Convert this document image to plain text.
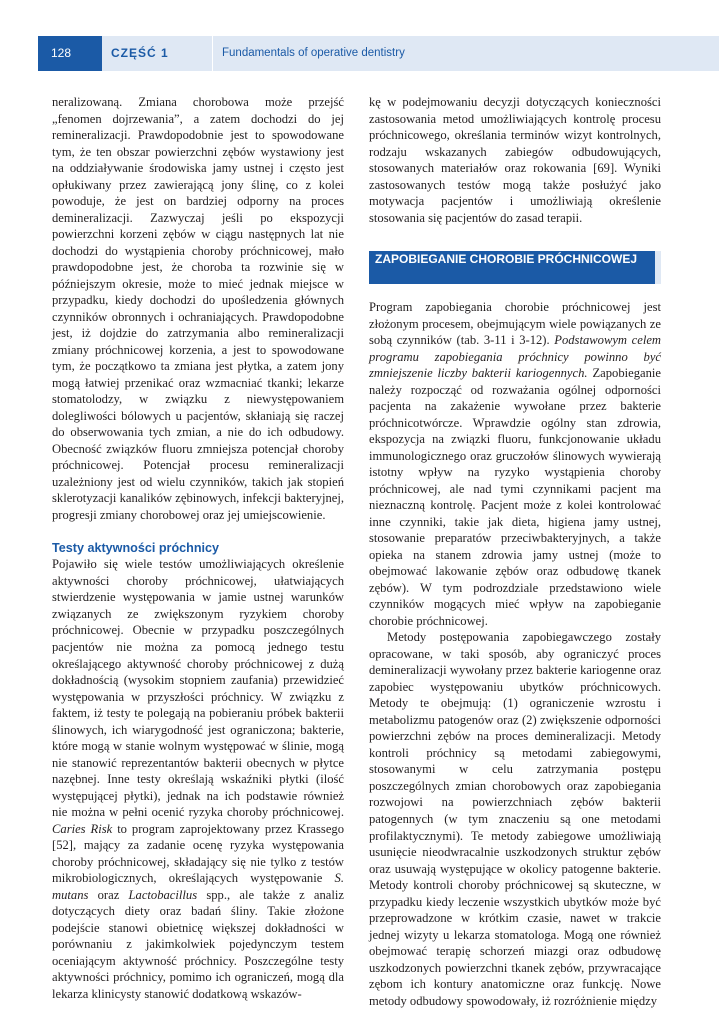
128	CZĘŚĆ 1	Fundamentals of operative dentistry

neralizowaną. Zmiana chorobowa może przejść „fenomen dojrzewania”, a zatem dochodzi do jej remineralizacji. Prawdopodobnie jest to spowodowane tym, że ten obszar powierzchni zębów wystawiony jest na oddziaływanie środowiska jamy ustnej i często jest opłukiwany przez zawierającą jony ślinę, co z kolei powoduje, że jest on bardziej odporny na proces demineralizacji. Zazwyczaj jeśli po ekspozycji powierzchni korzeni zębów w ciągu następnych lat nie dochodzi do wystąpienia choroby próchnicowej, mało prawdopodobne jest, że choroba ta rozwinie się w późniejszym okresie, może to mieć jednak miejsce w przypadku, kiedy dochodzi do upośledzenia głównych czynników obronnych i ochraniających. Prawdopodobne jest, iż dojdzie do zatrzymania albo remineralizacji zmiany próchnicowej korzenia, a jest to spowodowane tym, że początkowo ta zmiana jest płytka, a zatem jony mogą łatwiej przenikać oraz wzmacniać tkanki; lekarze stomatolodzy, w związku z niewystępowaniem dolegliwości bólowych u pacjentów, skłaniają się raczej do obserwowania tych zmian, a nie do ich odbudowy. Obecność związków fluoru zmniejsza potencjał choroby próchnicowej. Potencjał procesu remineralizacji uzależniony jest od wielu czynników, takich jak stopień sklerotyzacji kanalików zębinowych, infekcji bakteryjnej, progresji zmiany chorobowej oraz jej umiejscowienie.

Testy aktywności próchnicy

Pojawiło się wiele testów umożliwiających określenie aktywności choroby próchnicowej, ułatwiających stwierdzenie występowania w jamie ustnej warunków związanych ze zwiększonym ryzykiem choroby próchnicowej. Obecnie w przypadku poszczególnych pacjentów nie można za pomocą jednego testu określającego aktywność choroby próchnicowej z dużą dokładnością (wysokim stopniem zaufania) przewidzieć występowania w przyszłości próchnicy. W związku z faktem, iż testy te polegają na pobieraniu próbek bakterii ślinowych, ich wiarygodność jest ograniczona; bakterie, które mogą w stanie wolnym występować w ślinie, mogą nie stanowić reprezentantów bakterii obecnych w płytce nazębnej. Inne testy określają wskaźniki płytki (ilość występującej płytki), jednak na ich podstawie również nie można w pełni ocenić ryzyka choroby próchnicowej. Caries Risk to program zaprojektowany przez Krassego [52], mający za zadanie ocenę ryzyka występowania choroby próchnicowej, składający się nie tylko z testów mikrobiologicznych, określających występowanie S. mutans oraz Lactobacillus spp., ale także z analiz dotyczących diety oraz badań śliny. Takie złożone podejście stanowi obietnicę większej dokładności w porównaniu z jakimkolwiek pojedynczym testem oceniającym aktywność próchnicy. Poszczególne testy aktywności próchnicy, pomimo ich ograniczeń, mogą dla lekarza klinicysty stanowić dodatkową wskazów-

kę w podejmowaniu decyzji dotyczących konieczności zastosowania metod umożliwiających kontrolę procesu próchnicowego, określania terminów wizyt kontrolnych, rodzaju wskazanych zabiegów odbudowujących, stosowanych materiałów oraz rokowania [69]. Wyniki zastosowanych testów mogą także posłużyć jako motywacja pacjentów i umożliwiają określenie stosowania się pacjentów do zasad terapii.

ZAPOBIEGANIE CHOROBIE PRÓCHNICOWEJ

Program zapobiegania chorobie próchnicowej jest złożonym procesem, obejmującym wiele powiązanych ze sobą czynników (tab. 3-11 i 3-12). Podstawowym celem programu zapobiegania próchnicy powinno być zmniejszenie liczby bakterii kariogennych. Zapobieganie należy rozpocząć od rozważania ogólnej odporności pacjenta na zakażenie wywołane przez bakterie próchnicotwórcze. Wprawdzie ogólny stan zdrowia, ekspozycja na związki fluoru, funkcjonowanie układu immunologicznego oraz gruczołów ślinowych wywierają istotny wpływ na ryzyko wystąpienia choroby próchnicowej, ale nad tymi czynnikami pacjent ma nieznaczną kontrolę. Pacjent może z kolei kontrolować inne czynniki, takie jak dieta, higiena jamy ustnej, stosowanie preparatów przeciwbakteryjnych, a także opieka na stanem zdrowia jamy ustnej (może to obejmować lakowanie zębów oraz odbudowę tkanek zębów). W tym podrozdziale przedstawiono wiele czynników mogących mieć wpływ na zapobieganie chorobie próchnicowej.

Metody postępowania zapobiegawczego zostały opracowane, w taki sposób, aby ograniczyć proces demineralizacji wywołany przez bakterie kariogenne oraz zapobiec występowaniu ubytków próchnicowych. Metody te obejmują: (1) ograniczenie wzrostu i metabolizmu patogenów oraz (2) zwiększenie odporności powierzchni zębów na proces demineralizacji. Metody kontroli próchnicy są metodami zabiegowymi, stosowanymi w celu zatrzymania postępu poszczególnych zmian chorobowych oraz zapobiegania rozwojowi na powierzchniach zębów bakterii patogennych (w tym znaczeniu są one metodami profilaktycznymi). Te metody zabiegowe umożliwiają usunięcie nieodwracalnie uszkodzonych struktur zębów oraz usuwają występujące w okolicy patogenne bakterie. Metody kontroli choroby próchnicowej są skuteczne, w przypadku kiedy leczenie wszystkich ubytków może być przeprowadzone w krótkim czasie, nawet w trakcie jednej wizyty u lekarza stomatologa. Mogą one również obejmować terapię schorzeń miazgi oraz odbudowę uszkodzonych powierzchni tkanek zębów, przywracające zębom ich kontury anatomiczne oraz funkcję. Nowe metody odbudowy spowodowały, iż rozróżnienie między
